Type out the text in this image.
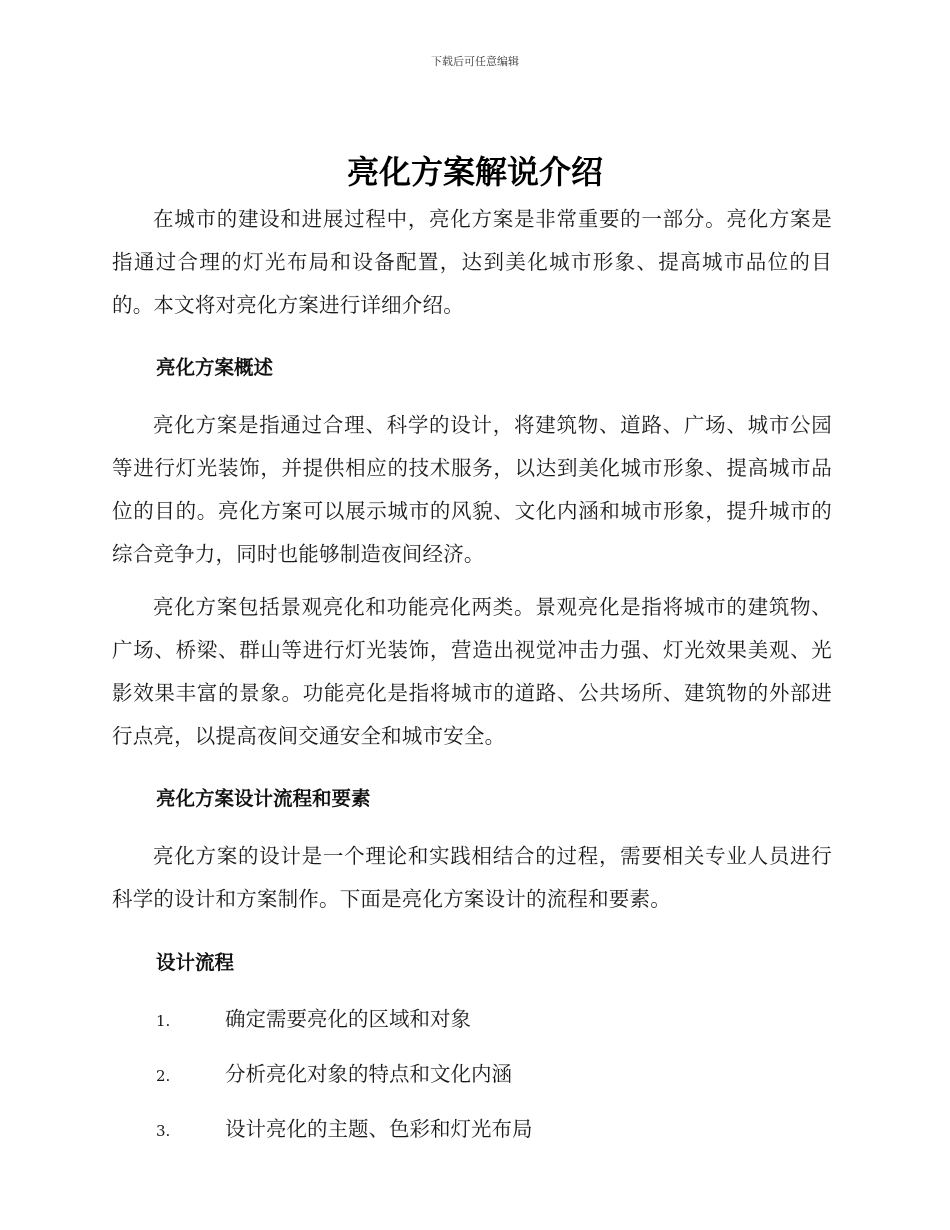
下载后可任意编辑
亮化方案解说介绍

在城市的建设和进展过程中，亮化方案是非常重要的一部分。亮化方案是指通过合理的灯光布局和设备配置，达到美化城市形象、提高城市品位的目的。本文将对亮化方案进行详细介绍。

亮化方案概述

亮化方案是指通过合理、科学的设计，将建筑物、道路、广场、城市公园等进行灯光装饰，并提供相应的技术服务，以达到美化城市形象、提高城市品位的目的。亮化方案可以展示城市的风貌、文化内涵和城市形象，提升城市的综合竞争力，同时也能够制造夜间经济。

亮化方案包括景观亮化和功能亮化两类。景观亮化是指将城市的建筑物、广场、桥梁、群山等进行灯光装饰，营造出视觉冲击力强、灯光效果美观、光影效果丰富的景象。功能亮化是指将城市的道路、公共场所、建筑物的外部进行点亮，以提高夜间交通安全和城市安全。

亮化方案设计流程和要素

亮化方案的设计是一个理论和实践相结合的过程，需要相关专业人员进行科学的设计和方案制作。下面是亮化方案设计的流程和要素。

设计流程
1.	确定需要亮化的区域和对象
2.	分析亮化对象的特点和文化内涵
3.	设计亮化的主题、色彩和灯光布局
